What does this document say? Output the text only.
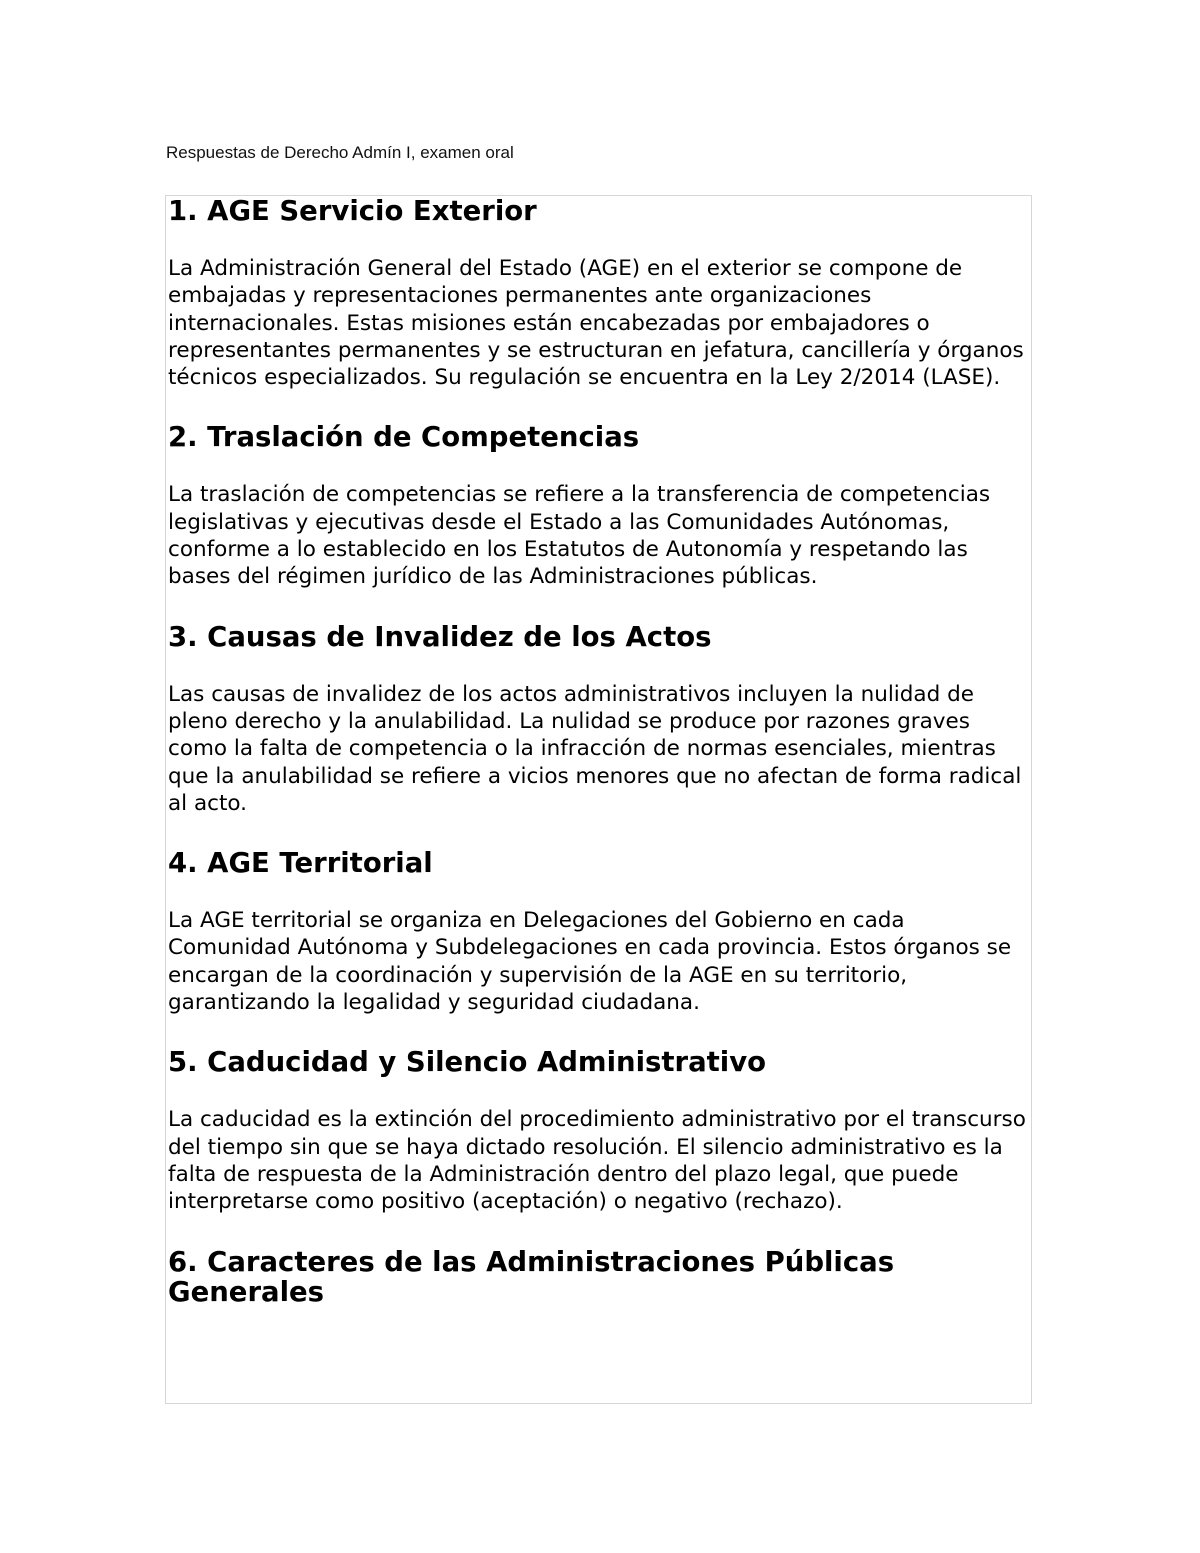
Respuestas de Derecho Admín I, examen oral
1. AGE Servicio Exterior

La Administración General del Estado (AGE) en el exterior se compone de embajadas y representaciones permanentes ante organizaciones internacionales. Estas misiones están encabezadas por embajadores o representantes permanentes y se estructuran en jefatura, cancillería y órganos técnicos especializados. Su regulación se encuentra en la Ley 2/2014 (LASE).

2. Traslación de Competencias

La traslación de competencias se refiere a la transferencia de competencias legislativas y ejecutivas desde el Estado a las Comunidades Autónomas, conforme a lo establecido en los Estatutos de Autonomía y respetando las bases del régimen jurídico de las Administraciones públicas.

3. Causas de Invalidez de los Actos

Las causas de invalidez de los actos administrativos incluyen la nulidad de pleno derecho y la anulabilidad. La nulidad se produce por razones graves como la falta de competencia o la infracción de normas esenciales, mientras que la anulabilidad se refiere a vicios menores que no afectan de forma radical al acto.

4. AGE Territorial

La AGE territorial se organiza en Delegaciones del Gobierno en cada Comunidad Autónoma y Subdelegaciones en cada provincia. Estos órganos se encargan de la coordinación y supervisión de la AGE en su territorio, garantizando la legalidad y seguridad ciudadana.

5. Caducidad y Silencio Administrativo

La caducidad es la extinción del procedimiento administrativo por el transcurso del tiempo sin que se haya dictado resolución. El silencio administrativo es la falta de respuesta de la Administración dentro del plazo legal, que puede interpretarse como positivo (aceptación) o negativo (rechazo).

6. Caracteres de las Administraciones Públicas Generales
